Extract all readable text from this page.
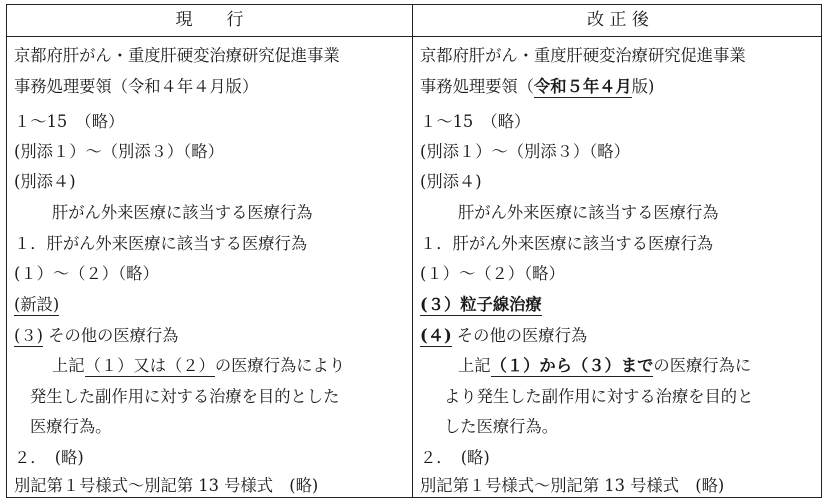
現　　行
京都府肝がん・重度肝硬変治療研究促進事業
事務処理要領（令和４年４月版）
１～15　（略）
(別添１）～（別添３）（略）
(別添４)
肝がん外来医療に該当する医療行為
１．肝がん外来医療に該当する医療行為
(１）～（２）（略）
(新設)
(３) その他の医療行為
上記（１）又は（２）の医療行為により
発生した副作用に対する治療を目的とした
医療行為。
２．　(略)
別記第１号様式～別記第 13 号様式　(略)
改 正 後
京都府肝がん・重度肝硬変治療研究促進事業
事務処理要領（令和５年４月版)
１～15　（略）
(別添１）～（別添３）（略）
(別添４)
肝がん外来医療に該当する医療行為
１．肝がん外来医療に該当する医療行為
(１）～（２）（略）
(３）粒子線治療
(４) その他の医療行為
上記（１）から（３）までの医療行為に
より発生した副作用に対する治療を目的と
した医療行為。
２．　(略)
別記第１号様式～別記第 13 号様式　(略)
